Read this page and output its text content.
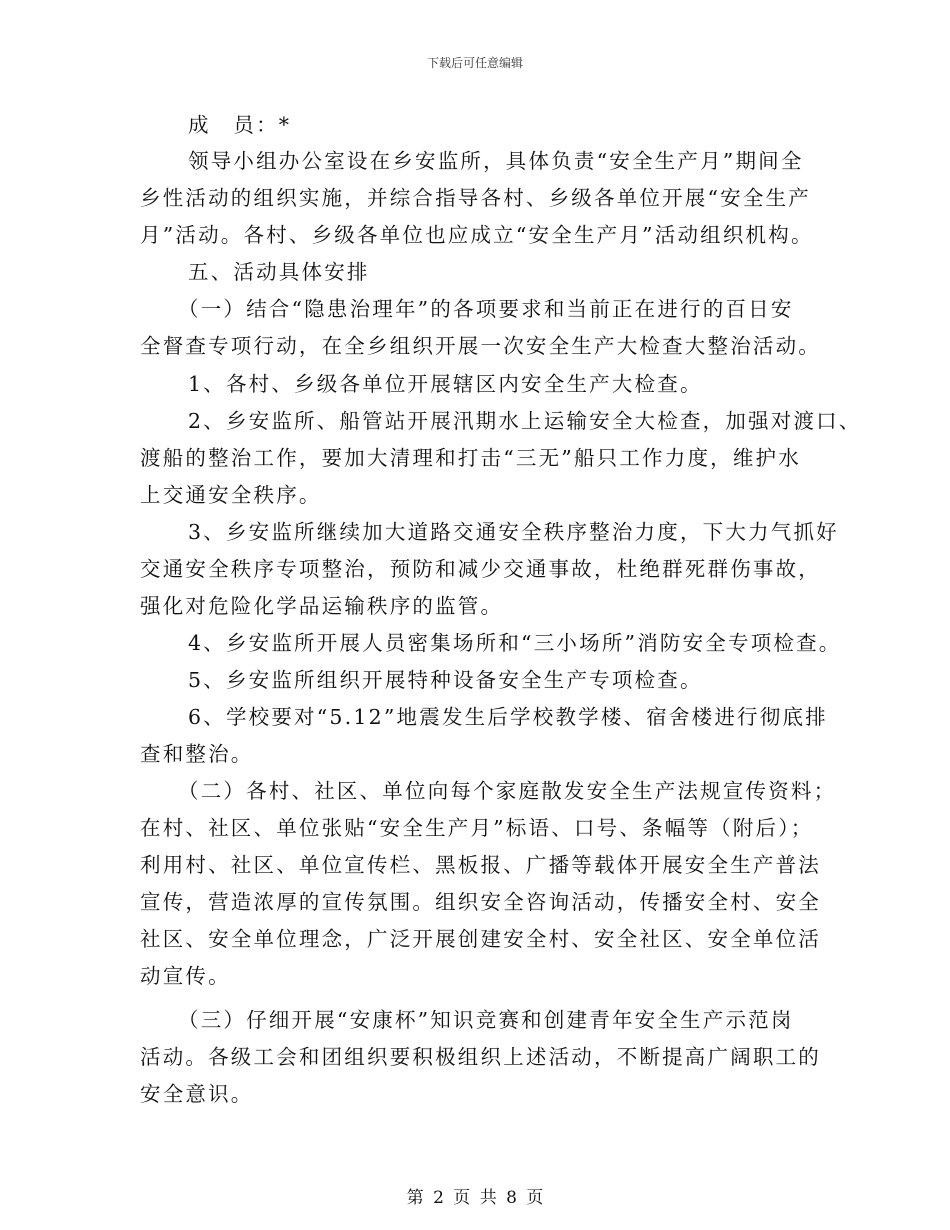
下载后可任意编辑
成　员：*
领导小组办公室设在乡安监所，具体负责“安全生产月”期间全
乡性活动的组织实施，并综合指导各村、乡级各单位开展“安全生产
月”活动。各村、乡级各单位也应成立“安全生产月”活动组织机构。
五、活动具体安排
（一）结合“隐患治理年”的各项要求和当前正在进行的百日安
全督查专项行动，在全乡组织开展一次安全生产大检查大整治活动。
1、各村、乡级各单位开展辖区内安全生产大检查。
2、乡安监所、船管站开展汛期水上运输安全大检查，加强对渡口、
渡船的整治工作，要加大清理和打击“三无”船只工作力度，维护水
上交通安全秩序。
3、乡安监所继续加大道路交通安全秩序整治力度，下大力气抓好
交通安全秩序专项整治，预防和减少交通事故，杜绝群死群伤事故，
强化对危险化学品运输秩序的监管。
4、乡安监所开展人员密集场所和“三小场所”消防安全专项检查。
5、乡安监所组织开展特种设备安全生产专项检查。
6、学校要对“5.12”地震发生后学校教学楼、宿舍楼进行彻底排
查和整治。
（二）各村、社区、单位向每个家庭散发安全生产法规宣传资料；
在村、社区、单位张贴“安全生产月”标语、口号、条幅等（附后）；
利用村、社区、单位宣传栏、黑板报、广播等载体开展安全生产普法
宣传，营造浓厚的宣传氛围。组织安全咨询活动，传播安全村、安全
社区、安全单位理念，广泛开展创建安全村、安全社区、安全单位活
动宣传。
（三）仔细开展“安康杯”知识竞赛和创建青年安全生产示范岗
活动。各级工会和团组织要积极组织上述活动，不断提高广阔职工的
安全意识。
第 2 页 共 8 页
